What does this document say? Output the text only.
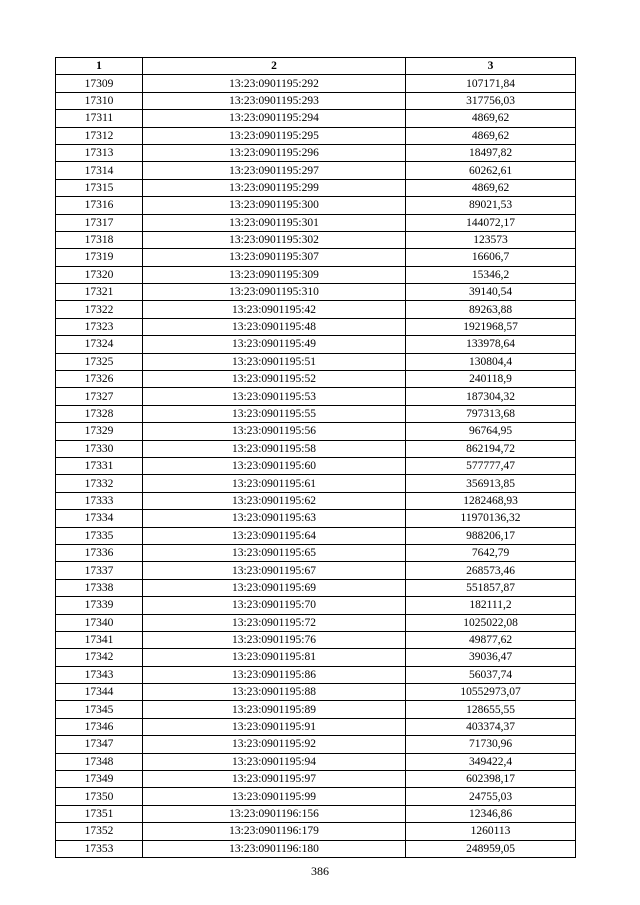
1	2	3
17309	13:23:0901195:292	107171,84
17310	13:23:0901195:293	317756,03
17311	13:23:0901195:294	4869,62
17312	13:23:0901195:295	4869,62
17313	13:23:0901195:296	18497,82
17314	13:23:0901195:297	60262,61
17315	13:23:0901195:299	4869,62
17316	13:23:0901195:300	89021,53
17317	13:23:0901195:301	144072,17
17318	13:23:0901195:302	123573
17319	13:23:0901195:307	16606,7
17320	13:23:0901195:309	15346,2
17321	13:23:0901195:310	39140,54
17322	13:23:0901195:42	89263,88
17323	13:23:0901195:48	1921968,57
17324	13:23:0901195:49	133978,64
17325	13:23:0901195:51	130804,4
17326	13:23:0901195:52	240118,9
17327	13:23:0901195:53	187304,32
17328	13:23:0901195:55	797313,68
17329	13:23:0901195:56	96764,95
17330	13:23:0901195:58	862194,72
17331	13:23:0901195:60	577777,47
17332	13:23:0901195:61	356913,85
17333	13:23:0901195:62	1282468,93
17334	13:23:0901195:63	11970136,32
17335	13:23:0901195:64	988206,17
17336	13:23:0901195:65	7642,79
17337	13:23:0901195:67	268573,46
17338	13:23:0901195:69	551857,87
17339	13:23:0901195:70	182111,2
17340	13:23:0901195:72	1025022,08
17341	13:23:0901195:76	49877,62
17342	13:23:0901195:81	39036,47
17343	13:23:0901195:86	56037,74
17344	13:23:0901195:88	10552973,07
17345	13:23:0901195:89	128655,55
17346	13:23:0901195:91	403374,37
17347	13:23:0901195:92	71730,96
17348	13:23:0901195:94	349422,4
17349	13:23:0901195:97	602398,17
17350	13:23:0901195:99	24755,03
17351	13:23:0901196:156	12346,86
17352	13:23:0901196:179	1260113
17353	13:23:0901196:180	248959,05
386
